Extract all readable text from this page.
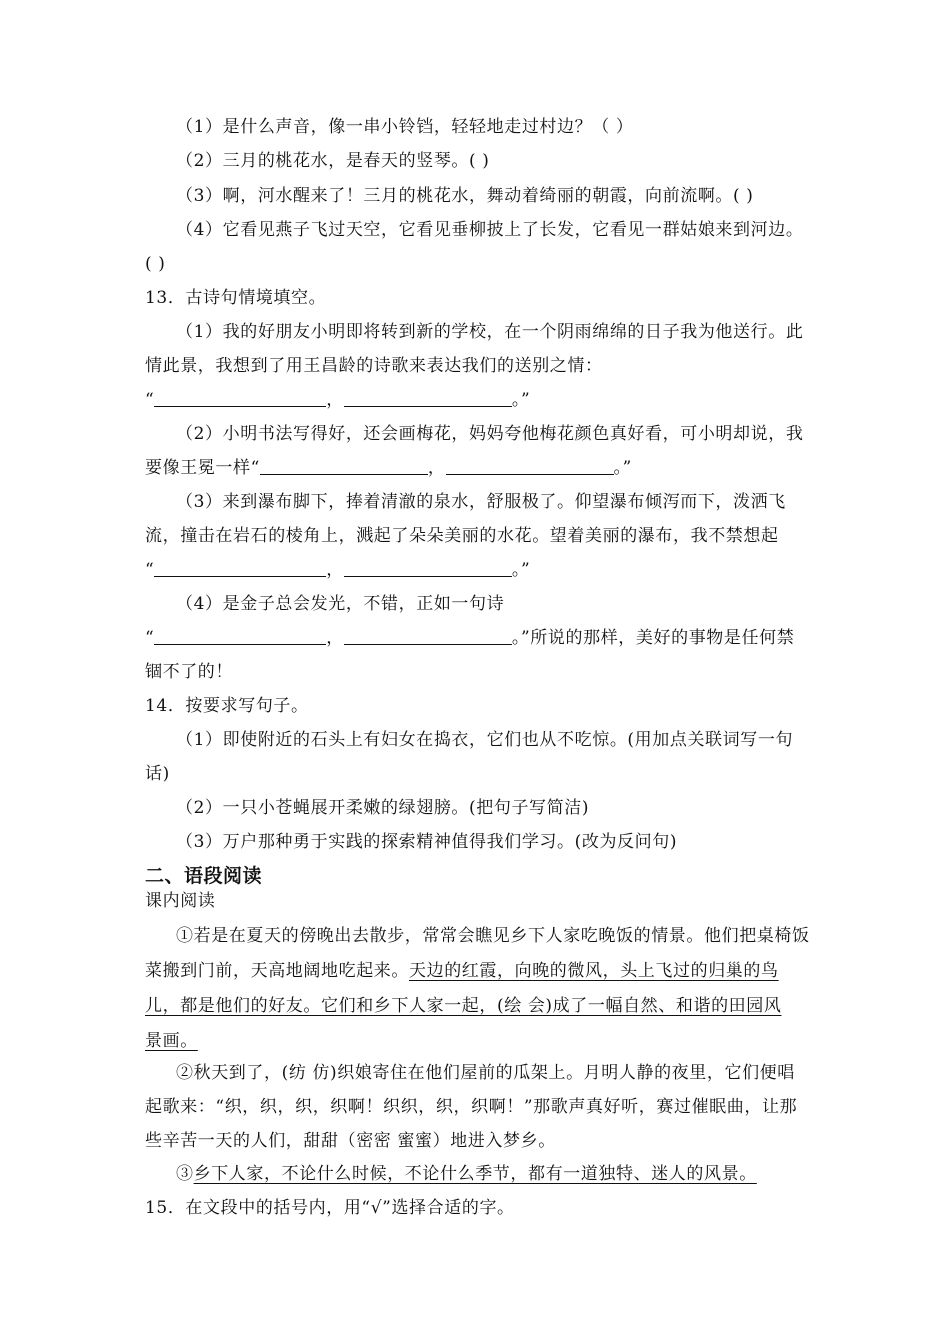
（1）是什么声音，像一串小铃铛，轻轻地走过村边？（ ）
（2）三月的桃花水，是春天的竖琴。( )
（3）啊，河水醒来了！三月的桃花水，舞动着绮丽的朝霞，向前流啊。( )
（4）它看见燕子飞过天空，它看见垂柳披上了长发，它看见一群姑娘来到河边。
( )
13．古诗句情境填空。
（1）我的好朋友小明即将转到新的学校，在一个阴雨绵绵的日子我为他送行。此
情此景，我想到了用王昌龄的诗歌来表达我们的送别之情：
“	，	。”
（2）小明书法写得好，还会画梅花，妈妈夸他梅花颜色真好看，可小明却说，我
要像王冕一样“	，	。”
（3）来到瀑布脚下，捧着清澈的泉水，舒服极了。仰望瀑布倾泻而下，泼洒飞
流，撞击在岩石的棱角上，溅起了朵朵美丽的水花。望着美丽的瀑布，我不禁想起
“	，	。”
（4）是金子总会发光，不错，正如一句诗
“	，	。”所说的那样，美好的事物是任何禁
锢不了的！
14．按要求写句子。
（1）即使附近的石头上有妇女在捣衣，它们也从不吃惊。(用加点关联词写一句
话)
（2）一只小苍蝇展开柔嫩的绿翅膀。(把句子写简洁)
（3）万户那种勇于实践的探索精神值得我们学习。(改为反问句)
二、语段阅读
课内阅读
①若是在夏天的傍晚出去散步，常常会瞧见乡下人家吃晚饭的情景。他们把桌椅饭
菜搬到门前，天高地阔地吃起来。天边的红霞，向晚的微风，头上飞过的归巢的鸟
儿，都是他们的好友。它们和乡下人家一起，(绘 会)成了一幅自然、和谐的田园风
景画。
②秋天到了，(纺 仿)织娘寄住在他们屋前的瓜架上。月明人静的夜里，它们便唱
起歌来：“织，织，织，织啊！织织，织，织啊！”那歌声真好听，赛过催眠曲，让那
些辛苦一天的人们，甜甜（密密 蜜蜜）地进入梦乡。
③乡下人家，不论什么时候，不论什么季节，都有一道独特、迷人的风景。
15．在文段中的括号内，用“√”选择合适的字。
